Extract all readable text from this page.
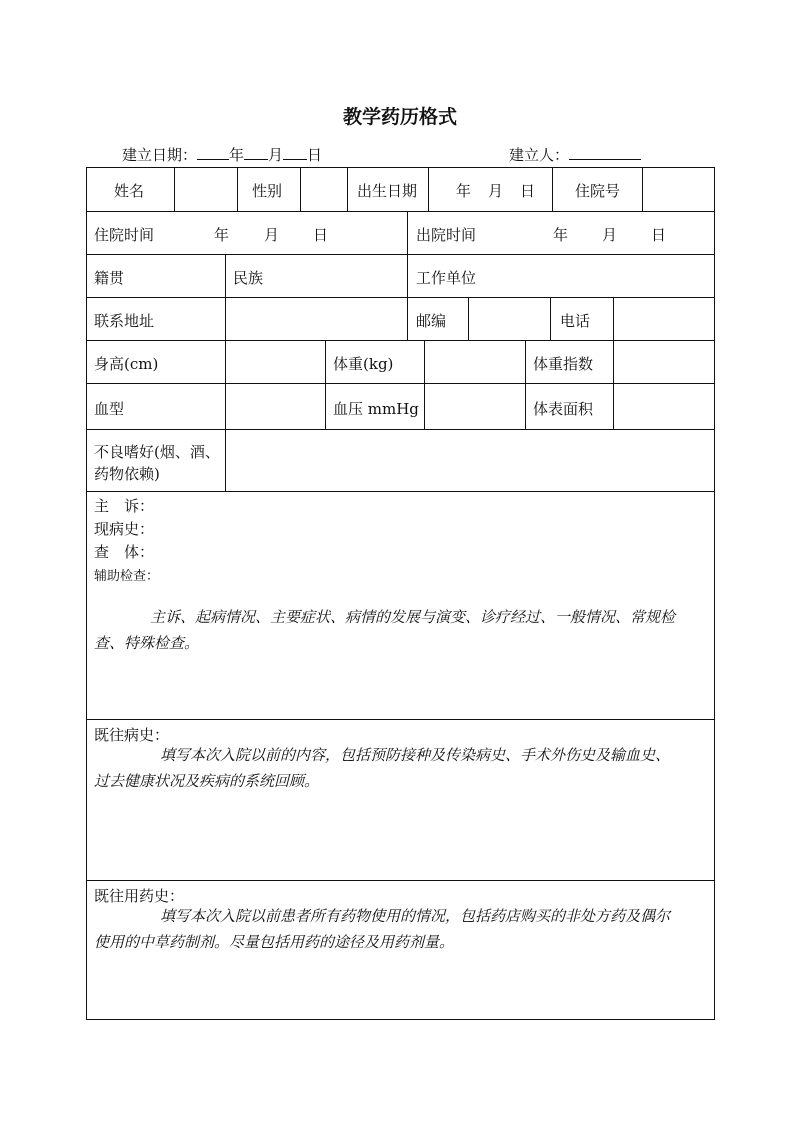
教学药历格式
建立日期： 年 月 日	建立人：
姓名	性别	出生日期	年 月 日	住院号
住院时间	年 月 日	出院时间	年 月 日
籍贯	民族	工作单位
联系地址	邮编	电话
身高(cm)	体重(kg)	体重指数
血型	血压 mmHg	体表面积
不良嗜好(烟、酒、
药物依赖)
主　诉：
现病史：
查　体：
辅助检查：
主诉、起病情况、主要症状、病情的发展与演变、诊疗经过、一般情况、常规检
查、特殊检查。
既往病史：
填写本次入院以前的内容，包括预防接种及传染病史、手术外伤史及输血史、
过去健康状况及疾病的系统回顾。
既往用药史：
填写本次入院以前患者所有药物使用的情况，包括药店购买的非处方药及偶尔
使用的中草药制剂。尽量包括用药的途径及用药剂量。
